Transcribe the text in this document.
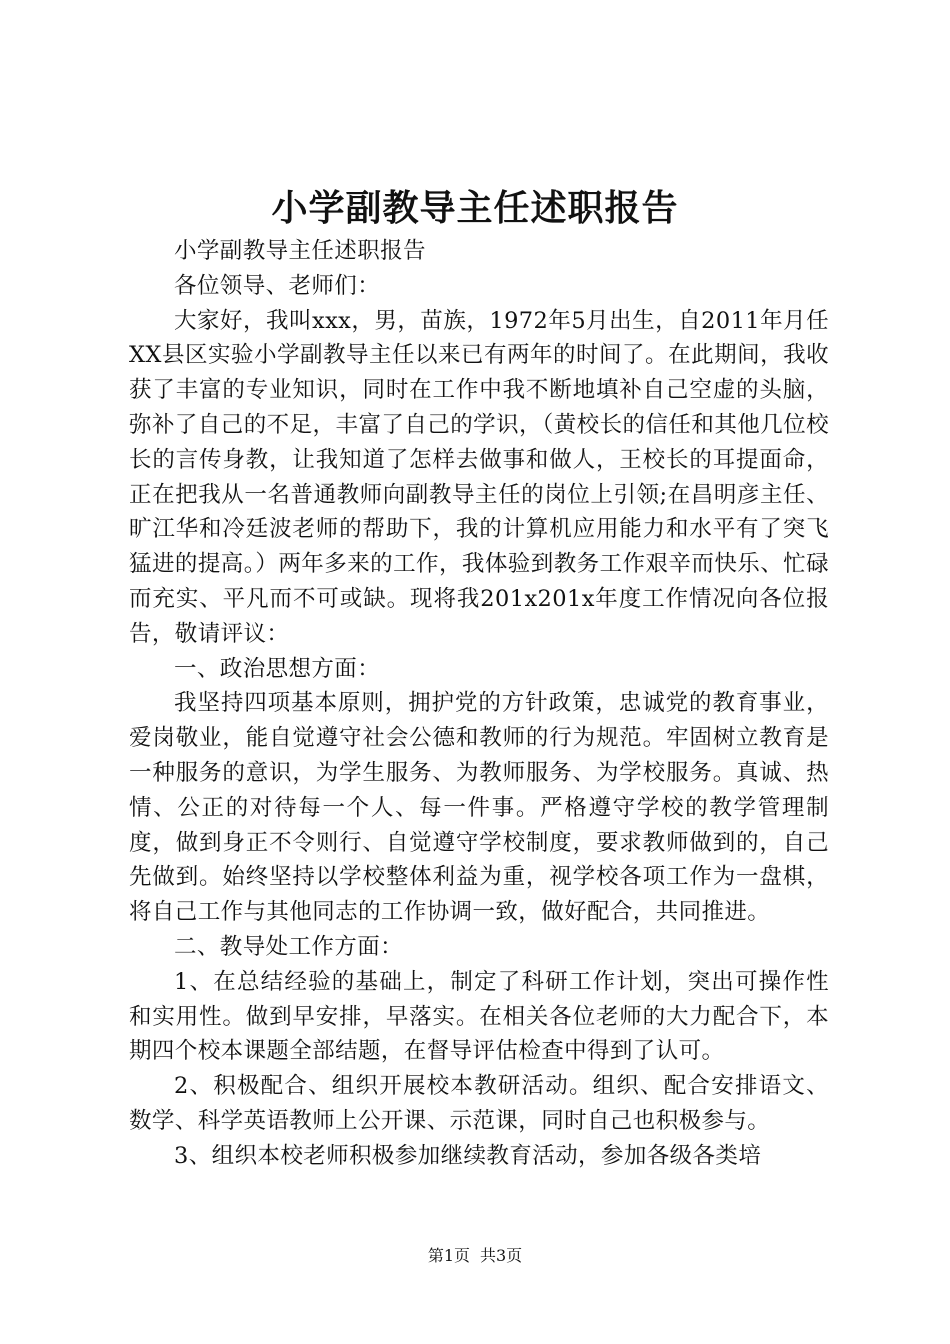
小学副教导主任述职报告

小学副教导主任述职报告

各位领导、老师们：

大家好，我叫xxx，男，苗族，1972年5月出生，自2011年月任XX县区实验小学副教导主任以来已有两年的时间了。在此期间，我收获了丰富的专业知识，同时在工作中我不断地填补自己空虚的头脑，弥补了自己的不足，丰富了自己的学识，（黄校长的信任和其他几位校长的言传身教，让我知道了怎样去做事和做人，王校长的耳提面命，正在把我从一名普通教师向副教导主任的岗位上引领;在昌明彦主任、旷江华和冷廷波老师的帮助下，我的计算机应用能力和水平有了突飞猛进的提高。）两年多来的工作，我体验到教务工作艰辛而快乐、忙碌而充实、平凡而不可或缺。现将我201x201x年度工作情况向各位报告，敬请评议：

一、政治思想方面：

我坚持四项基本原则，拥护党的方针政策，忠诚党的教育事业，爱岗敬业，能自觉遵守社会公德和教师的行为规范。牢固树立教育是一种服务的意识，为学生服务、为教师服务、为学校服务。真诚、热情、公正的对待每一个人、每一件事。严格遵守学校的教学管理制度，做到身正不令则行、自觉遵守学校制度，要求教师做到的，自己先做到。始终坚持以学校整体利益为重，视学校各项工作为一盘棋，将自己工作与其他同志的工作协调一致，做好配合，共同推进。

二、教导处工作方面：

1、在总结经验的基础上，制定了科研工作计划，突出可操作性和实用性。做到早安排，早落实。在相关各位老师的大力配合下，本期四个校本课题全部结题，在督导评估检查中得到了认可。

2、积极配合、组织开展校本教研活动。组织、配合安排语文、数学、科学英语教师上公开课、示范课，同时自己也积极参与。

3、组织本校老师积极参加继续教育活动，参加各级各类培

第1页 共3页
